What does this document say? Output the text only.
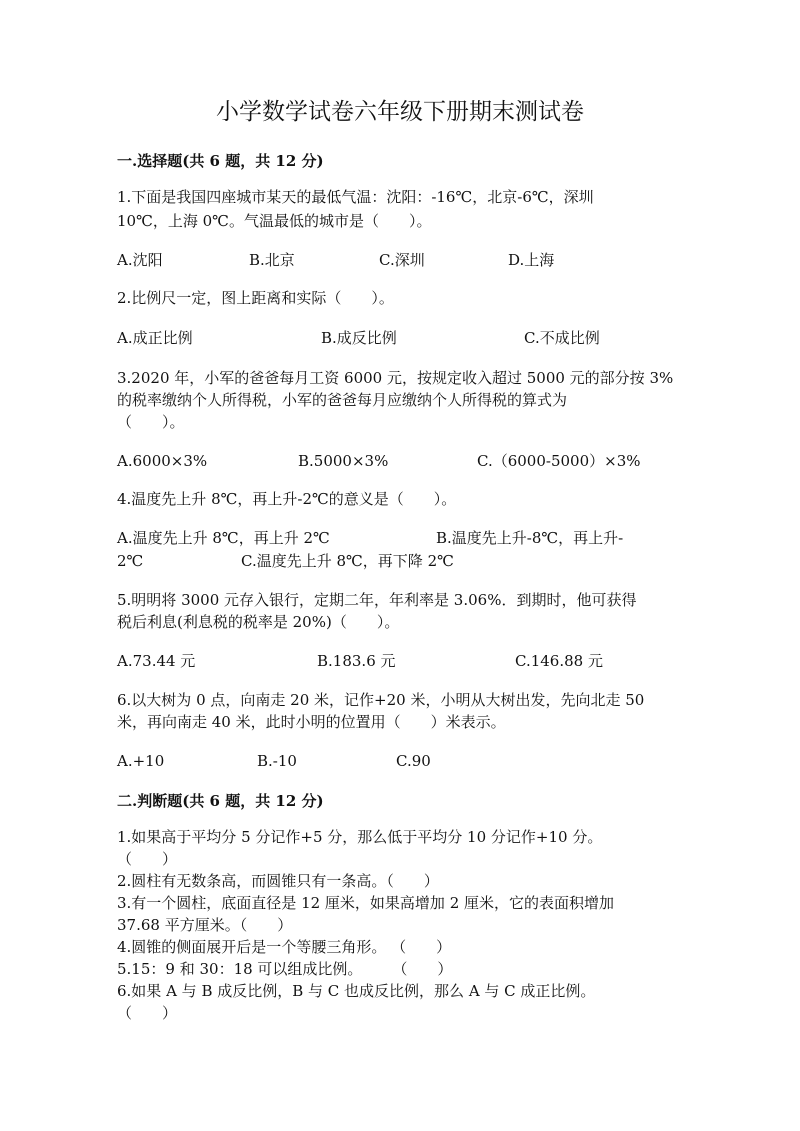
小学数学试卷六年级下册期末测试卷
一.选择题(共 6 题，共 12 分)
1.下面是我国四座城市某天的最低气温：沈阳：-16℃，北京-6℃，深圳
10℃，上海 0℃。气温最低的城市是（　　）。
A.沈阳	B.北京	C.深圳	D.上海
2.比例尺一定，图上距离和实际（　　）。
A.成正比例	B.成反比例	C.不成比例
3.2020 年，小军的爸爸每月工资 6000 元，按规定收入超过 5000 元的部分按 3%
的税率缴纳个人所得税，小军的爸爸每月应缴纳个人所得税的算式为
（　　）。
A.6000×3%	B.5000×3%	C.（6000-5000）×3%
4.温度先上升 8℃，再上升-2℃的意义是（　　）。
A.温度先上升 8℃，再上升 2℃	B.温度先上升-8℃，再上升-
2℃	C.温度先上升 8℃，再下降 2℃
5.明明将 3000 元存入银行，定期二年，年利率是 3.06%．到期时，他可获得
税后利息(利息税的税率是 20%)（　　）。
A.73.44 元	B.183.6 元	C.146.88 元
6.以大树为 0 点，向南走 20 米，记作+20 米，小明从大树出发，先向北走 50
米，再向南走 40 米，此时小明的位置用（　　）米表示。
A.+10	B.-10	C.90
二.判断题(共 6 题，共 12 分)
1.如果高于平均分 5 分记作+5 分，那么低于平均分 10 分记作+10 分。
（　　）
2.圆柱有无数条高，而圆锥只有一条高。（　　）
3.有一个圆柱，底面直径是 12 厘米，如果高增加 2 厘米，它的表面积增加
37.68 平方厘米。（　　）
4.圆锥的侧面展开后是一个等腰三角形。 （　　）
5.15：9 和 30：18 可以组成比例。　　　（　　）
6.如果 A 与 B 成反比例，B 与 C 也成反比例，那么 A 与 C 成正比例。
（　　）
